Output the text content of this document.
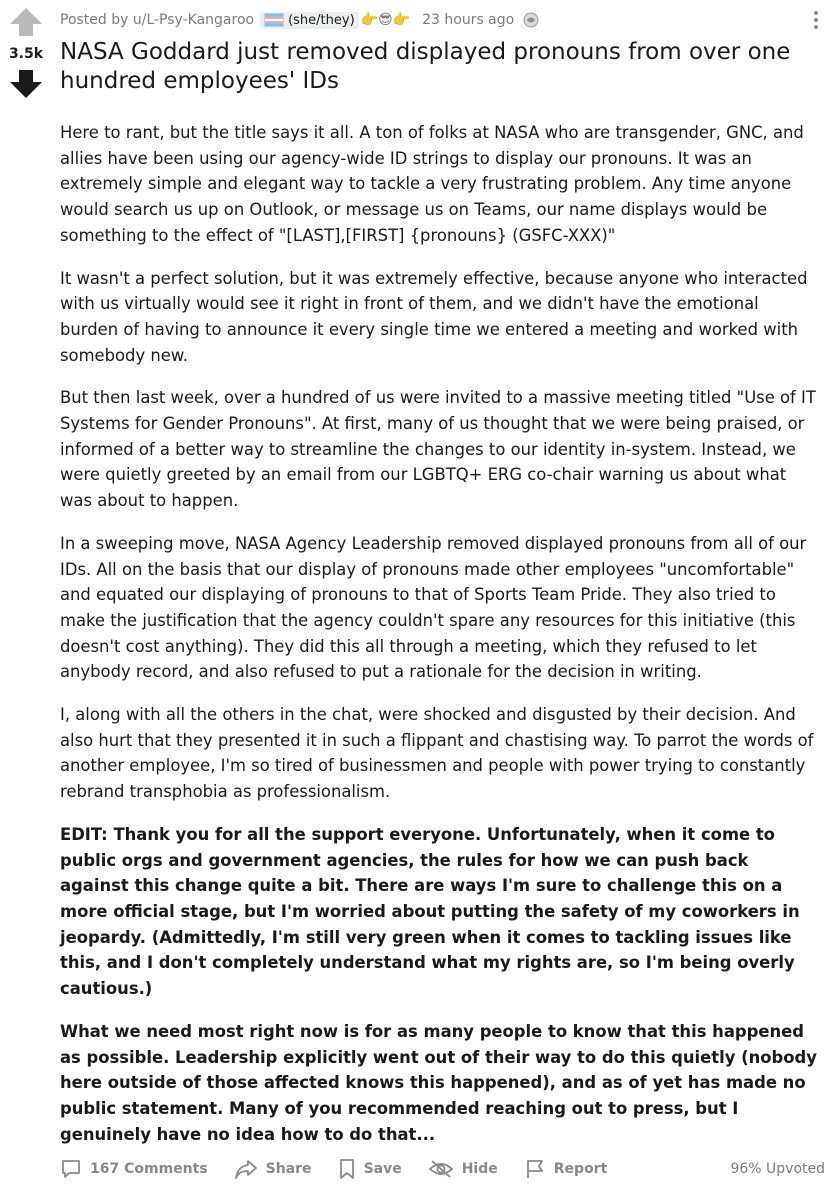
3.5k
Posted by u/L-Psy-Kangaroo	(she/they) 👉😎👉 23 hours ago
NASA Goddard just removed displayed pronouns from over one hundred employees' IDs

Here to rant, but the title says it all. A ton of folks at NASA who are transgender, GNC, and allies have been using our agency-wide ID strings to display our pronouns. It was an extremely simple and elegant way to tackle a very frustrating problem. Any time anyone would search us up on Outlook, or message us on Teams, our name displays would be something to the effect of "[LAST],[FIRST] {pronouns} (GSFC-XXX)"

It wasn't a perfect solution, but it was extremely effective, because anyone who interacted with us virtually would see it right in front of them, and we didn't have the emotional burden of having to announce it every single time we entered a meeting and worked with somebody new.

But then last week, over a hundred of us were invited to a massive meeting titled "Use of IT Systems for Gender Pronouns". At first, many of us thought that we were being praised, or informed of a better way to streamline the changes to our identity in-system. Instead, we were quietly greeted by an email from our LGBTQ+ ERG co-chair warning us about what was about to happen.

In a sweeping move, NASA Agency Leadership removed displayed pronouns from all of our IDs. All on the basis that our display of pronouns made other employees "uncomfortable" and equated our displaying of pronouns to that of Sports Team Pride. They also tried to make the justification that the agency couldn't spare any resources for this initiative (this doesn't cost anything). They did this all through a meeting, which they refused to let anybody record, and also refused to put a rationale for the decision in writing.

I, along with all the others in the chat, were shocked and disgusted by their decision. And also hurt that they presented it in such a flippant and chastising way. To parrot the words of another employee, I'm so tired of businessmen and people with power trying to constantly rebrand transphobia as professionalism.

EDIT: Thank you for all the support everyone. Unfortunately, when it come to public orgs and government agencies, the rules for how we can push back against this change quite a bit. There are ways I'm sure to challenge this on a more official stage, but I'm worried about putting the safety of my coworkers in jeopardy. (Admittedly, I'm still very green when it comes to tackling issues like this, and I don't completely understand what my rights are, so I'm being overly cautious.)

What we need most right now is for as many people to know that this happened as possible. Leadership explicitly went out of their way to do this quietly (nobody here outside of those affected knows this happened), and as of yet has made no public statement. Many of you recommended reaching out to press, but I genuinely have no idea how to do that...

167 Comments	Share	Save	Hide	Report	96% Upvoted
